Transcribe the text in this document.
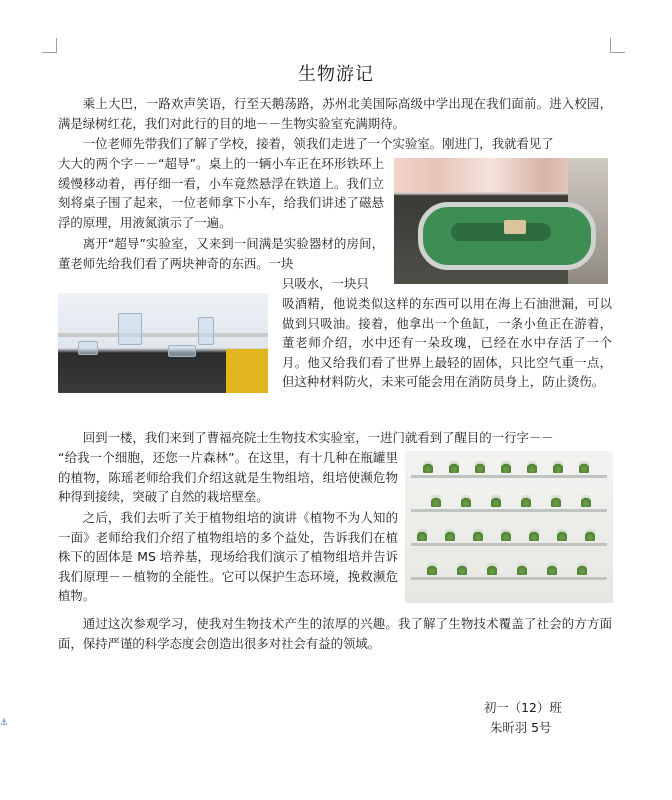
生物游记

乘上大巴，一路欢声笑语，行至天鹅荡路，苏州北美国际高级中学出现在我们面前。进入校园，满是绿树红花，我们对此行的目的地－－生物实验室充满期待。

一位老师先带我们了解了学校，接着，领我们走进了一个实验室。刚进门，我就看见了

大大的两个字－－“超导”。桌上的一辆小车正在环形铁环上缓慢移动着，再仔细一看，小车竟然悬浮在铁道上。我们立刻将桌子围了起来，一位老师拿下小车，给我们讲述了磁悬浮的原理，用液氮演示了一遍。

离开“超导”实验室，又来到一间满是实验器材的房间，董老师先给我们看了两块神奇的东西。一块

只吸水，一块只

吸酒精，他说类似这样的东西可以用在海上石油泄漏，可以做到只吸油。接着，他拿出一个鱼缸，一条小鱼正在游着，董老师介绍，水中还有一朵玫瑰，已经在水中存活了一个月。他又给我们看了世界上最轻的固体，只比空气重一点，但这种材料防火，未来可能会用在消防员身上，防止烫伤。

回到一楼，我们来到了曹福亮院士生物技术实验室，一进门就看到了醒目的一行字－－

“给我一个细胞，还您一片森林”。在这里，有十几种在瓶罐里的植物，陈瑶老师给我们介绍这就是生物组培，组培使濒危物种得到接续，突破了自然的栽培壁垒。

之后，我们去听了关于植物组培的演讲《植物不为人知的一面》老师给我们介绍了植物组培的多个益处，告诉我们在植株下的固体是 MS 培养基，现场给我们演示了植物组培并告诉我们原理－－植物的全能性。它可以保护生态环境，挽救濒危植物。

通过这次参观学习，使我对生物技术产生的浓厚的兴趣。我了解了生物技术覆盖了社会的方方面面，保持严谨的科学态度会创造出很多对社会有益的领域。

初一（12）班
朱昕羽 5号
⚓
